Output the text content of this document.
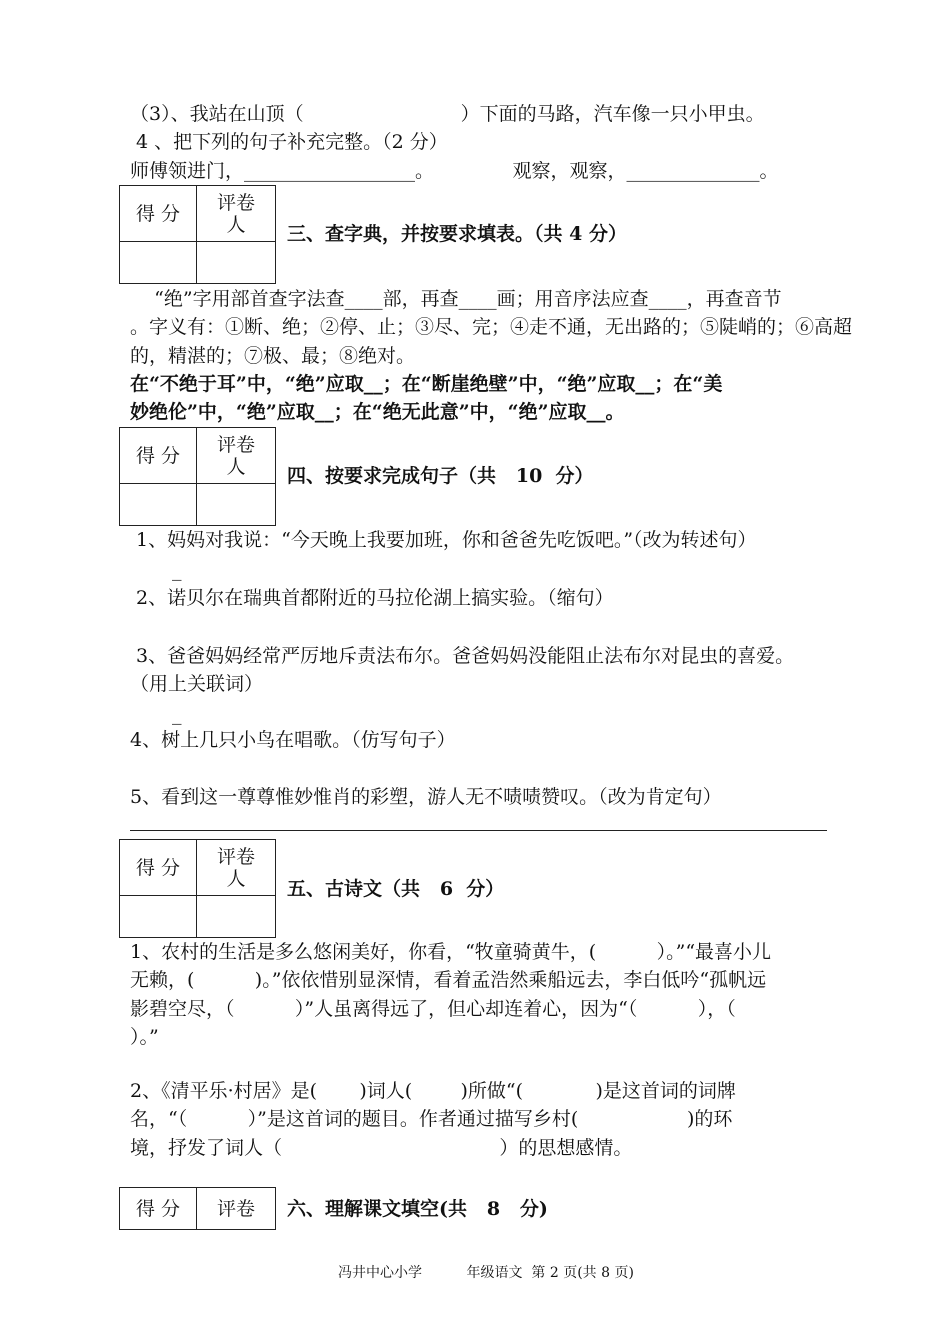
（3）、我站在山顶（                          ）下面的马路，汽车像一只小甲虫。
4 、把下列的句子补充完整。（2 分）
师傅领进门，__________________。             观察，观察，______________。
得 分	评卷
人
	三、查字典，并按要求填表。（共 4 分）
“绝”字用部首查字法查____部，再查____画；用音序法应查____，再查音节
。字义有：①断、绝；②停、止；③尽、完；④走不通，无出路的；⑤陡峭的；⑥高超
的，精湛的；⑦极、最；⑧绝对。
在“不绝于耳”中，“绝”应取__；在“断崖绝壁”中，“绝”应取__；在“美
妙绝伦”中，“绝”应取__；在“绝无此意”中，“绝”应取__。
得 分	评卷
人
	四、按要求完成句子（共   10  分）
1、妈妈对我说：“今天晚上我要加班，你和爸爸先吃饭吧。”（改为转述句）
_
2、诺贝尔在瑞典首都附近的马拉伦湖上搞实验。（缩句）
3、爸爸妈妈经常严厉地斥责法布尔。爸爸妈妈没能阻止法布尔对昆虫的喜爱。
（用上关联词）
_
4、树上几只小鸟在唱歌。（仿写句子）
5、看到这一尊尊惟妙惟肖的彩塑，游人无不啧啧赞叹。（改为肯定句）
得 分	评卷
人
	五、古诗文（共   6  分）
1、农村的生活是多么悠闲美好，你看，“牧童骑黄牛，(          ）。”“最喜小儿
无赖，(          )。”依依惜别显深情，看着孟浩然乘船远去，李白低吟“孤帆远
影碧空尽，（          ）”人虽离得远了，但心却连着心，因为“（          ），（
）。”
2、《清平乐·村居》是(       )词人(        )所做“(            )是这首词的词牌
名，“（          ）”是这首词的题目。作者通过描写乡村(                  )的环
境，抒发了词人（                                    ）的思想感情。
得 分	评卷 六、理解课文填空(共   8   分)
冯井中心小学          年级语文  第 2 页(共 8 页)
